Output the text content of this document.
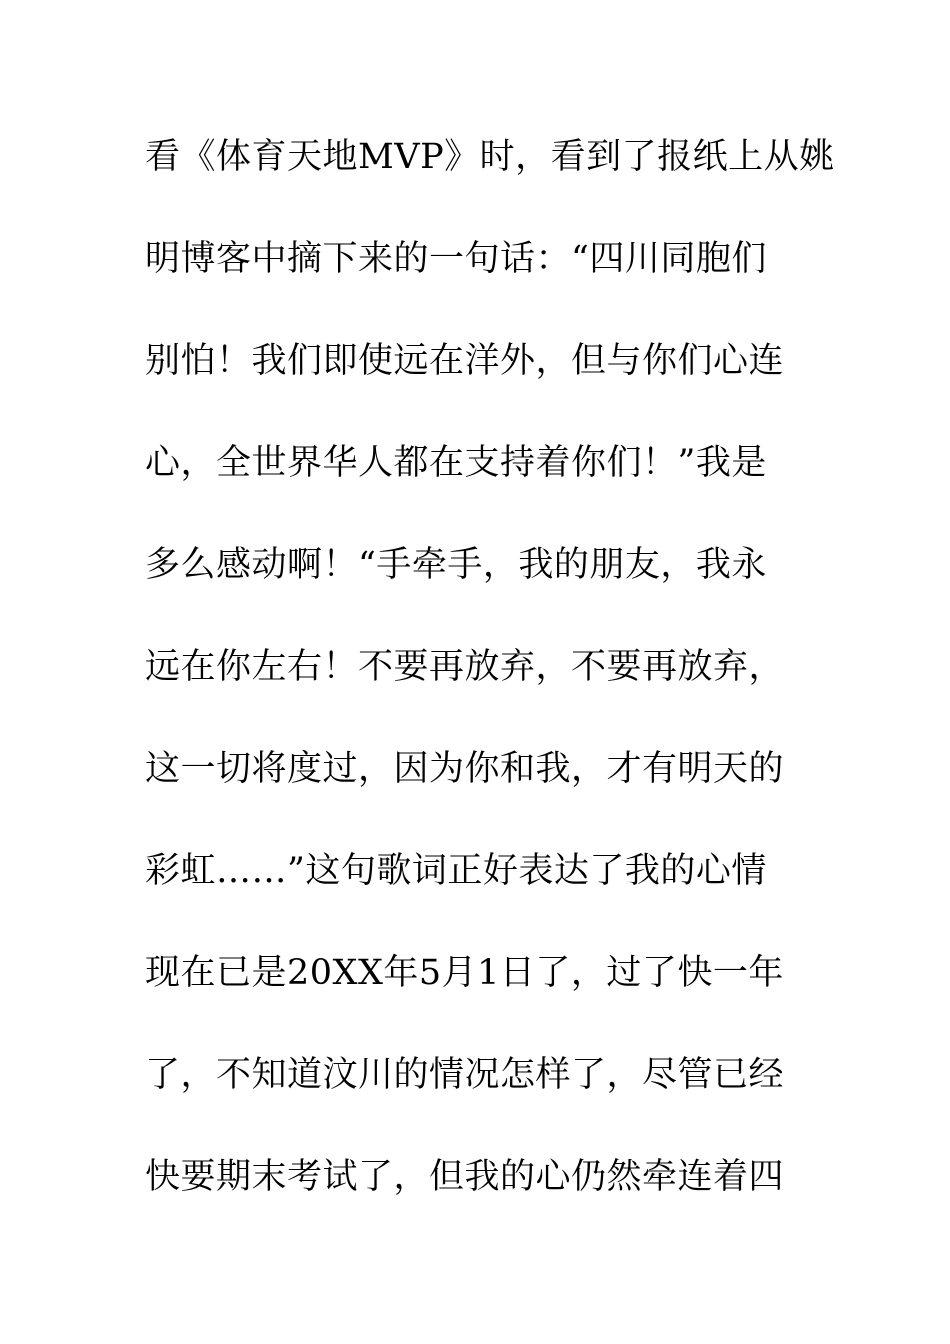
看《体育天地MVP》时，看到了报纸上从姚
明博客中摘下来的一句话：“四川同胞们
别怕！我们即使远在洋外，但与你们心连
心，全世界华人都在支持着你们！”我是
多么感动啊！“手牵手，我的朋友，我永
远在你左右！不要再放弃，不要再放弃，
这一切将度过，因为你和我，才有明天的
彩虹……”这句歌词正好表达了我的心情
现在已是20XX年5月1日了，过了快一年
了，不知道汶川的情况怎样了，尽管已经
快要期末考试了，但我的心仍然牵连着四
